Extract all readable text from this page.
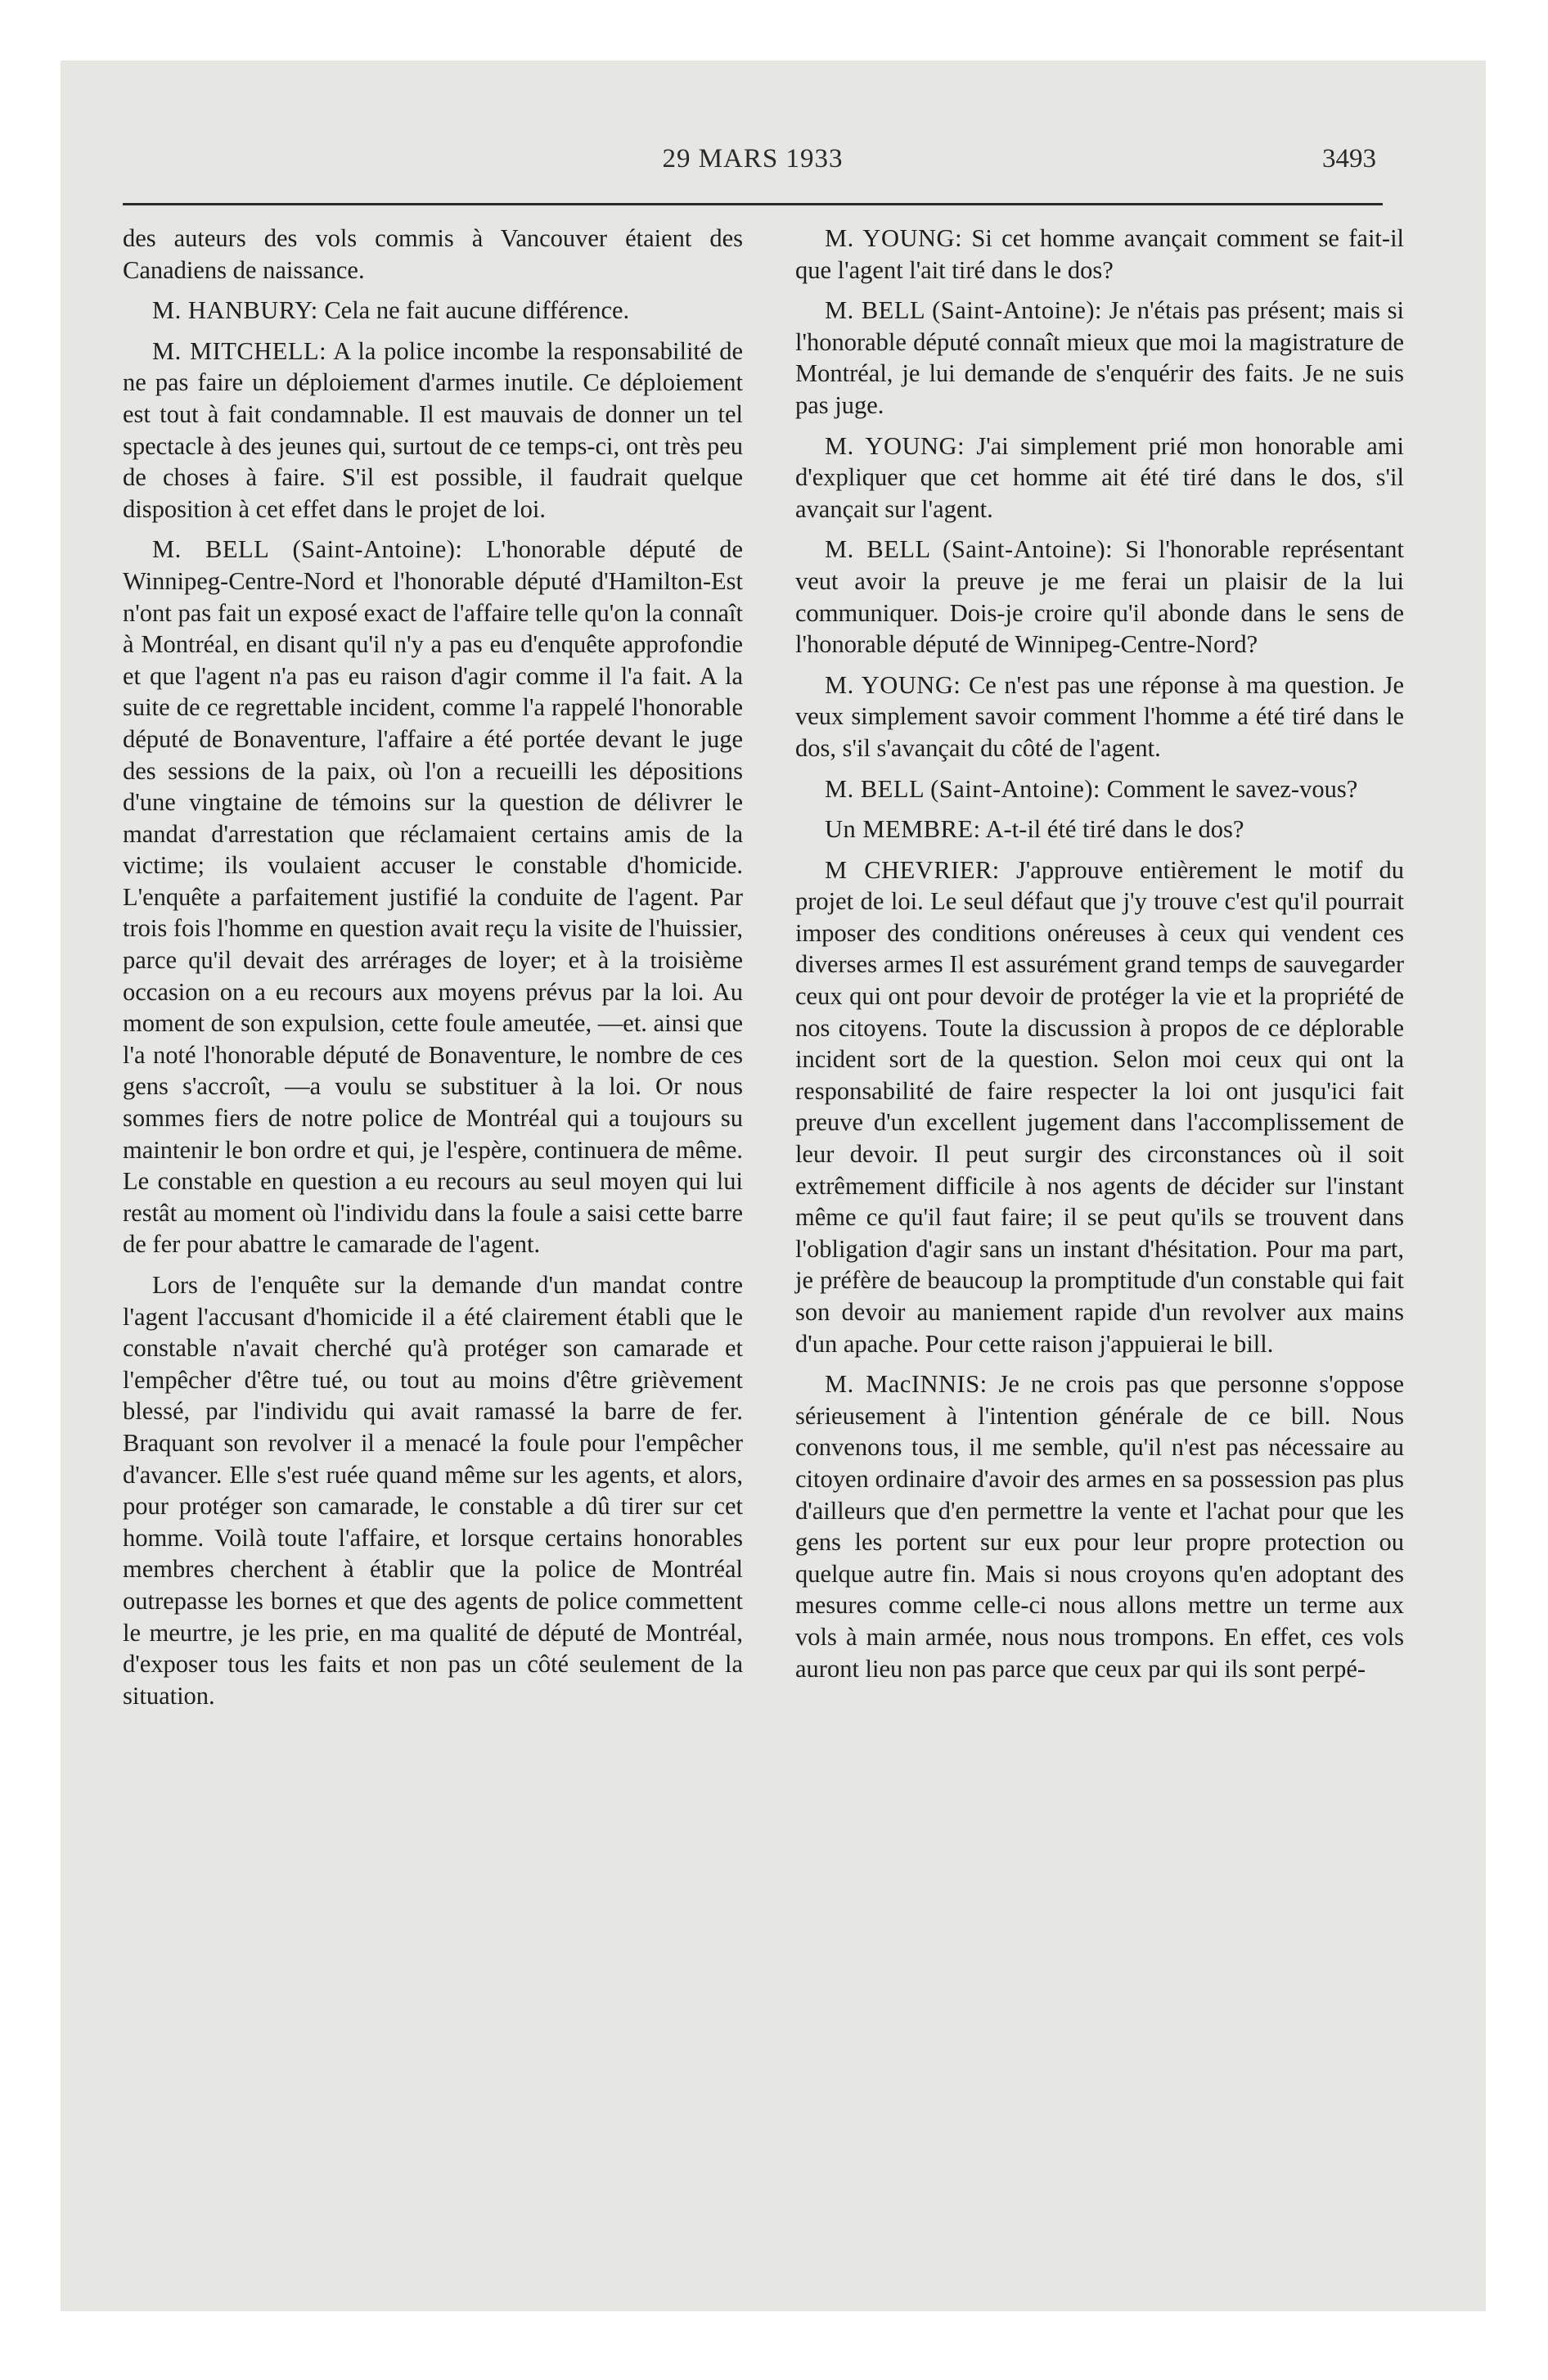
29 MARS 1933	3493

des auteurs des vols commis à Vancouver étaient des Canadiens de naissance.

M. HANBURY: Cela ne fait aucune différence.

M. MITCHELL: A la police incombe la responsabilité de ne pas faire un déploiement d'armes inutile. Ce déploiement est tout à fait condamnable. Il est mauvais de donner un tel spectacle à des jeunes qui, surtout de ce temps-ci, ont très peu de choses à faire. S'il est possible, il faudrait quelque disposition à cet effet dans le projet de loi.

M. BELL (Saint-Antoine): L'honorable député de Winnipeg-Centre-Nord et l'honorable député d'Hamilton-Est n'ont pas fait un exposé exact de l'affaire telle qu'on la connaît à Montréal, en disant qu'il n'y a pas eu d'enquête approfondie et que l'agent n'a pas eu raison d'agir comme il l'a fait. A la suite de ce regrettable incident, comme l'a rappelé l'honorable député de Bonaventure, l'affaire a été portée devant le juge des sessions de la paix, où l'on a recueilli les dépositions d'une vingtaine de témoins sur la question de délivrer le mandat d'arrestation que réclamaient certains amis de la victime; ils voulaient accuser le constable d'homicide. L'enquête a parfaitement justifié la conduite de l'agent. Par trois fois l'homme en question avait reçu la visite de l'huissier, parce qu'il devait des arrérages de loyer; et à la troisième occasion on a eu recours aux moyens prévus par la loi. Au moment de son expulsion, cette foule ameutée, —et. ainsi que l'a noté l'honorable député de Bonaventure, le nombre de ces gens s'accroît, —a voulu se substituer à la loi. Or nous sommes fiers de notre police de Montréal qui a toujours su maintenir le bon ordre et qui, je l'espère, continuera de même. Le constable en question a eu recours au seul moyen qui lui restât au moment où l'individu dans la foule a saisi cette barre de fer pour abattre le camarade de l'agent.

Lors de l'enquête sur la demande d'un mandat contre l'agent l'accusant d'homicide il a été clairement établi que le constable n'avait cherché qu'à protéger son camarade et l'empêcher d'être tué, ou tout au moins d'être grièvement blessé, par l'individu qui avait ramassé la barre de fer. Braquant son revolver il a menacé la foule pour l'empêcher d'avancer. Elle s'est ruée quand même sur les agents, et alors, pour protéger son camarade, le constable a dû tirer sur cet homme. Voilà toute l'affaire, et lorsque certains honorables membres cherchent à établir que la police de Montréal outrepasse les bornes et que des agents de police commettent le meurtre, je les prie, en ma qualité de député de Montréal, d'exposer tous les faits et non pas un côté seulement de la situation.

M. YOUNG: Si cet homme avançait comment se fait-il que l'agent l'ait tiré dans le dos?

M. BELL (Saint-Antoine): Je n'étais pas présent; mais si l'honorable député connaît mieux que moi la magistrature de Montréal, je lui demande de s'enquérir des faits. Je ne suis pas juge.

M. YOUNG: J'ai simplement prié mon honorable ami d'expliquer que cet homme ait été tiré dans le dos, s'il avançait sur l'agent.

M. BELL (Saint-Antoine): Si l'honorable représentant veut avoir la preuve je me ferai un plaisir de la lui communiquer. Dois-je croire qu'il abonde dans le sens de l'honorable député de Winnipeg-Centre-Nord?

M. YOUNG: Ce n'est pas une réponse à ma question. Je veux simplement savoir comment l'homme a été tiré dans le dos, s'il s'avançait du côté de l'agent.

M. BELL (Saint-Antoine): Comment le savez-vous?

Un MEMBRE: A-t-il été tiré dans le dos?

M CHEVRIER: J'approuve entièrement le motif du projet de loi. Le seul défaut que j'y trouve c'est qu'il pourrait imposer des conditions onéreuses à ceux qui vendent ces diverses armes Il est assurément grand temps de sauvegarder ceux qui ont pour devoir de protéger la vie et la propriété de nos citoyens. Toute la discussion à propos de ce déplorable incident sort de la question. Selon moi ceux qui ont la responsabilité de faire respecter la loi ont jusqu'ici fait preuve d'un excellent jugement dans l'accomplissement de leur devoir. Il peut surgir des circonstances où il soit extrêmement difficile à nos agents de décider sur l'instant même ce qu'il faut faire; il se peut qu'ils se trouvent dans l'obligation d'agir sans un instant d'hésitation. Pour ma part, je préfère de beaucoup la promptitude d'un constable qui fait son devoir au maniement rapide d'un revolver aux mains d'un apache. Pour cette raison j'appuierai le bill.

M. MacINNIS: Je ne crois pas que personne s'oppose sérieusement à l'intention générale de ce bill. Nous convenons tous, il me semble, qu'il n'est pas nécessaire au citoyen ordinaire d'avoir des armes en sa possession pas plus d'ailleurs que d'en permettre la vente et l'achat pour que les gens les portent sur eux pour leur propre protection ou quelque autre fin. Mais si nous croyons qu'en adoptant des mesures comme celle-ci nous allons mettre un terme aux vols à main armée, nous nous trompons. En effet, ces vols auront lieu non pas parce que ceux par qui ils sont perpé-
